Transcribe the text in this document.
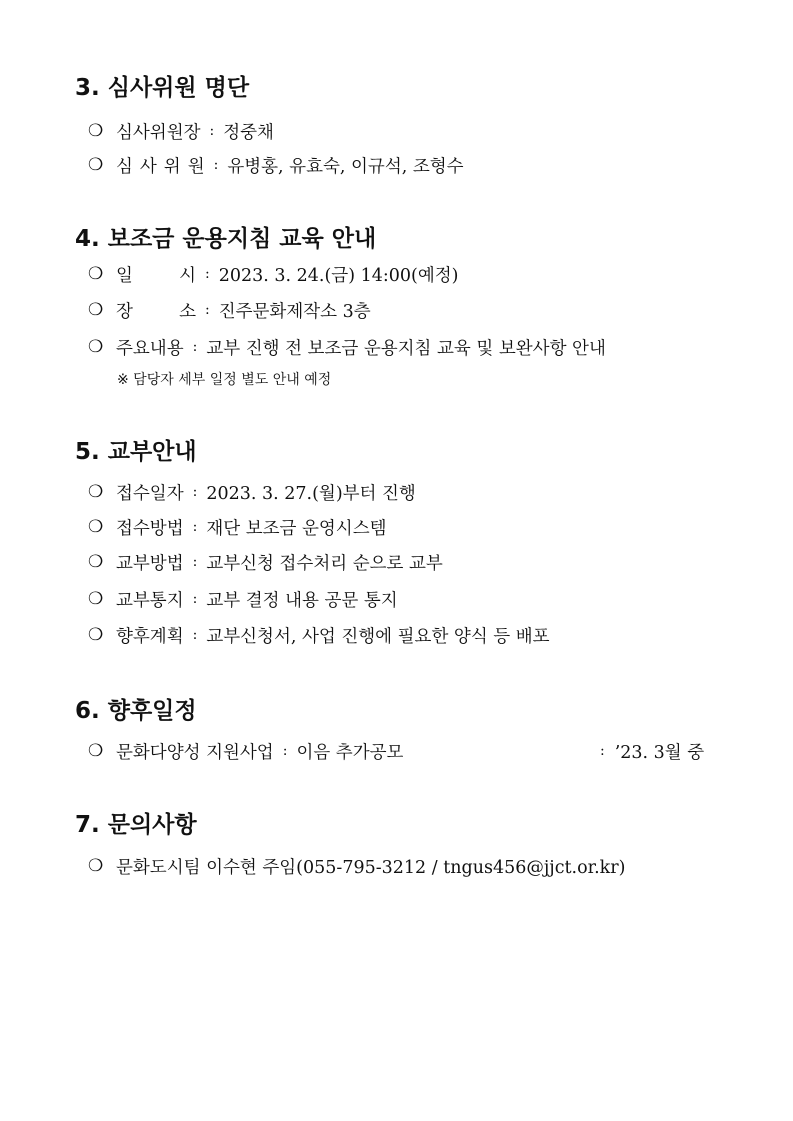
3. 심사위원 명단
❍ 심사위원장 : 정중채
❍ 심사위원 : 유병홍, 유효숙, 이규석, 조형수
4. 보조금 운용지침 교육 안내
❍ 일	시 : 2023. 3. 24.(금) 14:00(예정)
❍ 장	소 : 진주문화제작소 3층
❍ 주요내용 : 교부 진행 전 보조금 운용지침 교육 및 보완사항 안내
※ 담당자 세부 일정 별도 안내 예정
5. 교부안내
❍ 접수일자 : 2023. 3. 27.(월)부터 진행
❍ 접수방법 : 재단 보조금 운영시스템
❍ 교부방법 : 교부신청 접수처리 순으로 교부
❍ 교부통지 : 교부 결정 내용 공문 통지
❍ 향후계획 : 교부신청서, 사업 진행에 필요한 양식 등 배포
6. 향후일정
❍ 문화다양성 지원사업 : 이음 추가공모	: ’23. 3월 중
7. 문의사항
❍ 문화도시팀 이수현 주임(055-795-3212 / tngus456@jjct.or.kr)
